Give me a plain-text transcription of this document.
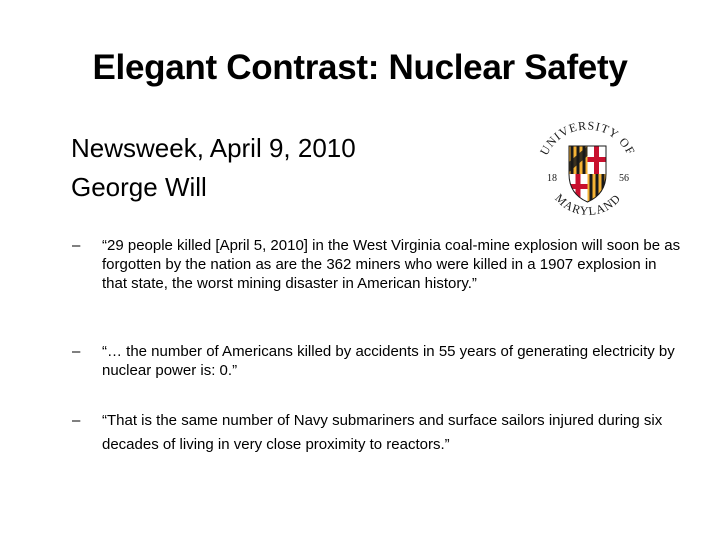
Elegant Contrast: Nuclear Safety
Newsweek, April 9, 2010
George Will
UNIVERSITY OF
MARYLAND
18	56
– “29 people killed [April 5, 2010] in the West Virginia coal-mine explosion will soon be as forgotten by the nation as are the 362 miners who were killed in a 1907 explosion in that state, the worst mining disaster in American history.”
– “… the number of Americans killed by accidents in 55 years of generating electricity by nuclear power is: 0.”
– “That is the same number of Navy submariners and surface sailors injured during six decades of living in very close proximity to reactors.”
